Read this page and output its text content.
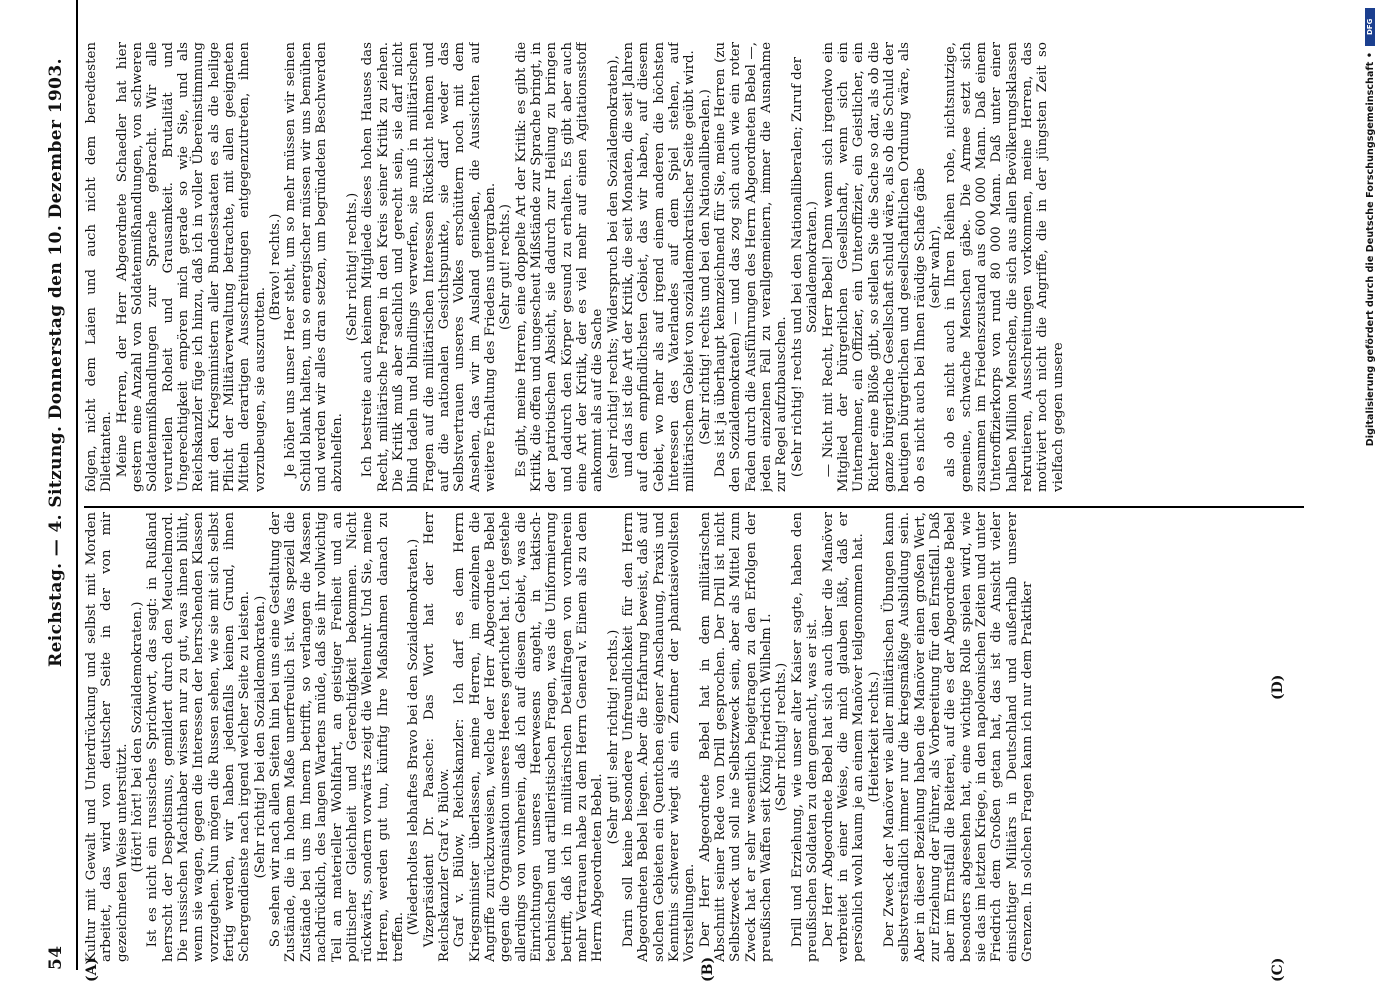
54
Reichstag. — 4. Sitzung. Donnerstag den 10. Dezember 1903.
(A)	(B)	(C)
(D)

Kultur mit Gewalt und Unterdrückung und selbst mit Morden arbeitet, das wird von deutscher Seite in der von mir gezeichneten Weise unterstützt. (Hört! hört! bei den Sozialdemokraten.) Ist es nicht ein russisches Sprichwort, das sagt: in Rußland herrscht der Despotismus, gemildert durch den Meuchelmord. Die russischen Machthaber wissen nur zu gut, was ihnen blüht, wenn sie wagen, gegen die Interessen der herrschenden Klassen vorzugehen. Nun mögen die Russen sehen, wie sie mit sich selbst fertig werden, wir haben jedenfalls keinen Grund, ihnen Schergendienste nach irgend welcher Seite zu leisten. (Sehr richtig! bei den Sozialdemokraten.) So sehen wir nach allen Seiten hin bei uns eine Gestaltung der Zustände, die in hohem Maße unerfreulich ist. Was speziell die Zustände bei uns im Innern betrifft, so verlangen die Massen nachdrücklich, des langen Wartens müde, daß sie ihr vollwichtig Teil an materieller Wohlfahrt, an geistiger Freiheit und an politischer Gleichheit und Gerechtigkeit bekommen. Nicht rückwärts, sondern vorwärts zeigt die Weltenuhr. Und Sie, meine Herren, werden gut tun, künftig Ihre Maßnahmen danach zu treffen.

(Wiederholtes lebhaftes Bravo bei den Sozialdemokraten.) Vizepräsident Dr. Paasche: Das Wort hat der Herr Reichskanzler Graf v. Bülow. Graf v. Bülow, Reichskanzler: Ich darf es dem Herrn Kriegsminister überlassen, meine Herren, im einzelnen die Angriffe zurückzuweisen, welche der Herr Abgeordnete Bebel gegen die Organisation unseres Heeres gerichtet hat. Ich gestehe allerdings von vornherein, daß ich auf diesem Gebiet, was die Einrichtungen unseres Heerwesens angeht, in taktisch-technischen und artilleristischen Fragen, was die Uniformierung betrifft, daß ich in militärischen Detailfragen von vornherein mehr Vertrauen habe zu dem Herrn General v. Einem als zu dem Herrn Abgeordneten Bebel.

(Sehr gut! sehr richtig! rechts.) Darin soll keine besondere Unfreundlichkeit für den Herrn Abgeordneten Bebel liegen. Aber die Erfahrung beweist, daß auf solchen Gebieten ein Quentchen eigener Anschauung, Praxis und Kenntnis schwerer wiegt als ein Zentner der phantasievollsten Vorstellungen. Der Herr Abgeordnete Bebel hat in dem militärischen Abschnitt seiner Rede von Drill gesprochen. Der Drill ist nicht Selbstzweck und soll nie Selbstzweck sein, aber als Mittel zum Zweck hat er sehr wesentlich beigetragen zu den Erfolgen der preußischen Waffen seit König Friedrich Wilhelm I. (Sehr richtig! rechts.) Drill und Erziehung, wie unser alter Kaiser sagte, haben den preußischen Soldaten zu dem gemacht, was er ist. Der Herr Abgeordnete Bebel hat sich auch über die Manöver verbreitet in einer Weise, die mich glauben läßt, daß er persönlich wohl kaum je an einem Manöver teilgenommen hat. (Heiterkeit rechts.) Der Zweck der Manöver wie aller militärischen Übungen kann selbstverständlich immer nur die kriegsmäßige Ausbildung sein. Aber in dieser Beziehung haben die Manöver einen großen Wert, zur Erziehung der Führer, als Vorbereitung für den Ernstfall. Daß aber im Ernstfall die Reiterei, auf die es der Abgeordnete Bebel besonders abgesehen hat, eine wichtige Rolle spielen wird, wie sie das im letzten Kriege, in den napoleonischen Zeiten und unter Friedrich dem Großen getan hat, das ist die Ansicht vieler einsichtiger Militärs in Deutschland und außerhalb unserer Grenzen. In solchen Fragen kann ich nur dem Praktiker

folgen, nicht dem Laien und auch nicht dem beredtesten Dilettanten. Meine Herren, der Herr Abgeordnete Schaedler hat hier gestern eine Anzahl von Soldatenmißhandlungen, von schweren Soldatenmißhandlungen zur Sprache gebracht. Wir alle verurteilen Roheit und Grausamkeit. Brutalität und Ungerechtigkeit empören mich gerade so wie Sie, und als Reichskanzler füge ich hinzu, daß ich in voller Übereinstimmung mit den Kriegsministern aller Bundesstaaten es als die heilige Pflicht der Militärverwaltung betrachte, mit allen geeigneten Mitteln derartigen Ausschreitungen entgegenzutreten, ihnen vorzubeugen, sie auszurotten.

(Bravo! rechts.) Je höher uns unser Heer steht, um so mehr müssen wir seinen Schild blank halten, um so energischer müssen wir uns bemühen und werden wir alles dran setzen, um begründeten Beschwerden abzuhelfen.

(Sehr richtig! rechts.) Ich bestreite auch keinem Mitgliede dieses hohen Hauses das Recht, militärische Fragen in den Kreis seiner Kritik zu ziehen. Die Kritik muß aber sachlich und gerecht sein, sie darf nicht blind tadeln und blindlings verwerfen, sie muß in militärischen Fragen auf die militärischen Interessen Rücksicht nehmen und auf die nationalen Gesichtspunkte, sie darf weder das Selbstvertrauen unseres Volkes erschüttern noch mit dem Ansehen, das wir im Ausland genießen, die Aussichten auf weitere Erhaltung des Friedens untergraben. (Sehr gut! rechts.) Es gibt, meine Herren, eine doppelte Art der Kritik: es gibt die Kritik, die offen und ungescheut Mißstände zur Sprache bringt, in der patriotischen Absicht, sie dadurch zur Heilung zu bringen und dadurch den Körper gesund zu erhalten. Es gibt aber auch eine Art der Kritik, der es viel mehr auf einen Agitationsstoff ankommt als auf die Sache (sehr richtig! rechts; Widerspruch bei den Sozialdemokraten), und das ist die Art der Kritik, die seit Monaten, die seit Jahren auf dem empfindlichsten Gebiet, das wir haben, auf diesem Gebiet, wo mehr als auf irgend einem anderen die höchsten Interessen des Vaterlandes auf dem Spiel stehen, auf militärischem Gebiet von sozialdemokratischer Seite geübt wird. (Sehr richtig! rechts und bei den Nationalliberalen.) Das ist ja überhaupt kennzeichnend für Sie, meine Herren (zu den Sozialdemokraten) — und das zog sich auch wie ein roter Faden durch die Ausführungen des Herrn Abgeordneten Bebel —, jeden einzelnen Fall zu verallgemeinern, immer die Ausnahme zur Regel aufzubauschen. (Sehr richtig! rechts und bei den Nationalliberalen; Zuruf der Sozialdemokraten.) — Nicht mit Recht, Herr Bebel! Denn wenn sich irgendwo ein Mitglied der bürgerlichen Gesellschaft, wenn sich ein Unternehmer, ein Offizier, ein Unteroffizier, ein Geistlicher, ein Richter eine Blöße gibt, so stellen Sie die Sache so dar, als ob die ganze bürgerliche Gesellschaft schuld wäre, als ob die Schuld der heutigen bürgerlichen und gesellschaftlichen Ordnung wäre, als ob es nicht auch bei Ihnen räudige Schafe gäbe (sehr wahr), als ob es nicht auch in Ihren Reihen rohe, nichtsnutzige, gemeine, schwache Menschen gäbe. Die Armee setzt sich zusammen im Friedenszustand aus 600 000 Mann. Daß einem Unteroffizierkorps von rund 80 000 Mann. Daß unter einer halben Million Menschen, die sich aus allen Bevölkerungsklassen rekrutieren, Ausschreitungen vorkommen, meine Herren, das motiviert noch nicht die Angriffe, die in der jüngsten Zeit so vielfach gegen unsere

DFG
Digitalisierung gefördert durch die Deutsche Forschungsgemeinschaft •
